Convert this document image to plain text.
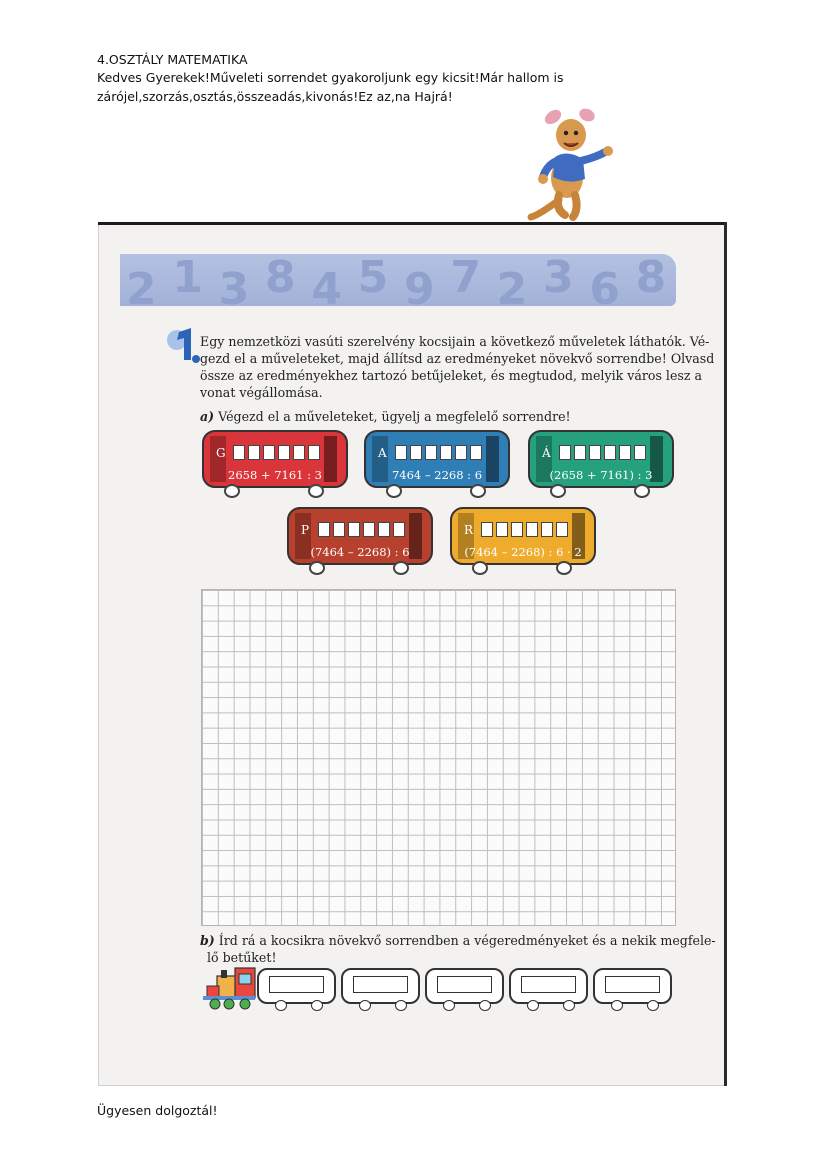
4.OSZTÁLY MATEMATIKA
Kedves Gyerekek!Műveleti sorrendet gyakoroljunk egy kicsit!Már hallom is
zárójel,szorzás,osztás,összeadás,kivonás!Ez az,na Hajrá!
2 1 3 8 4 5 9 7 2 3 6 8
Egy nemzetközi vasúti szerelvény kocsijain a következő műveletek láthatók. Vé-
gezd el a műveleteket, majd állítsd az eredményeket növekvő sorrendbe! Olvasd
össze az eredményekhez tartozó betűjeleket, és megtudod, melyik város lesz a
vonat végállomása.
a) Végezd el a műveleteket, ügyelj a megfelelő sorrendre!
G
2658 + 7161 : 3
A
7464 – 2268 : 6
Á
(2658 + 7161) : 3
P
(7464 – 2268) : 6
R
(7464 – 2268) : 6 · 2
b) Írd rá a kocsikra növekvő sorrendben a végeredményeket és a nekik megfele-
lő betűket!
Ügyesen dolgoztál!
